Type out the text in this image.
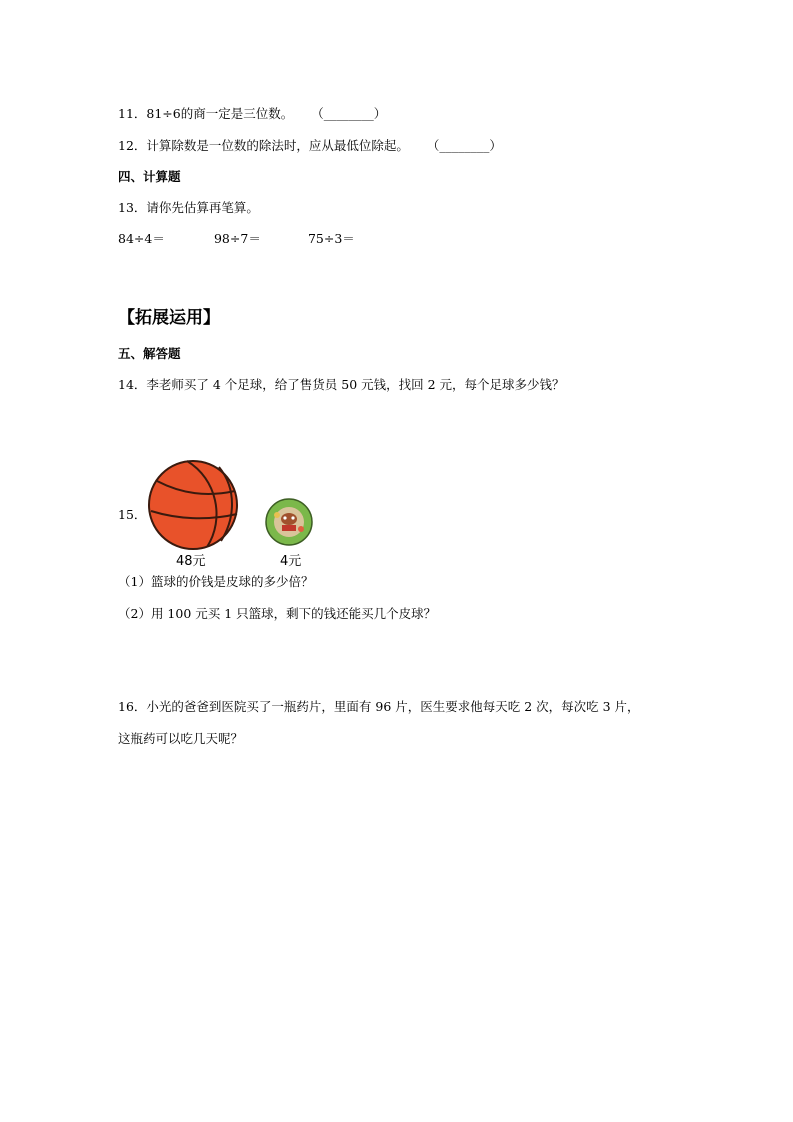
11．81÷6的商一定是三位数。 （________）
12．计算除数是一位数的除法时，应从最低位除起。 （________）
四、计算题
13．请你先估算再笔算。
84÷4＝	98÷7＝	75÷3＝
【拓展运用】
五、解答题
14．李老师买了 4 个足球，给了售货员 50 元钱，找回 2 元，每个足球多少钱？
15．
48元	4元
（1）篮球的价钱是皮球的多少倍？
（2）用 100 元买 1 只篮球，剩下的钱还能买几个皮球？
16．小光的爸爸到医院买了一瓶药片，里面有 96 片，医生要求他每天吃 2 次，每次吃 3 片，
这瓶药可以吃几天呢？
